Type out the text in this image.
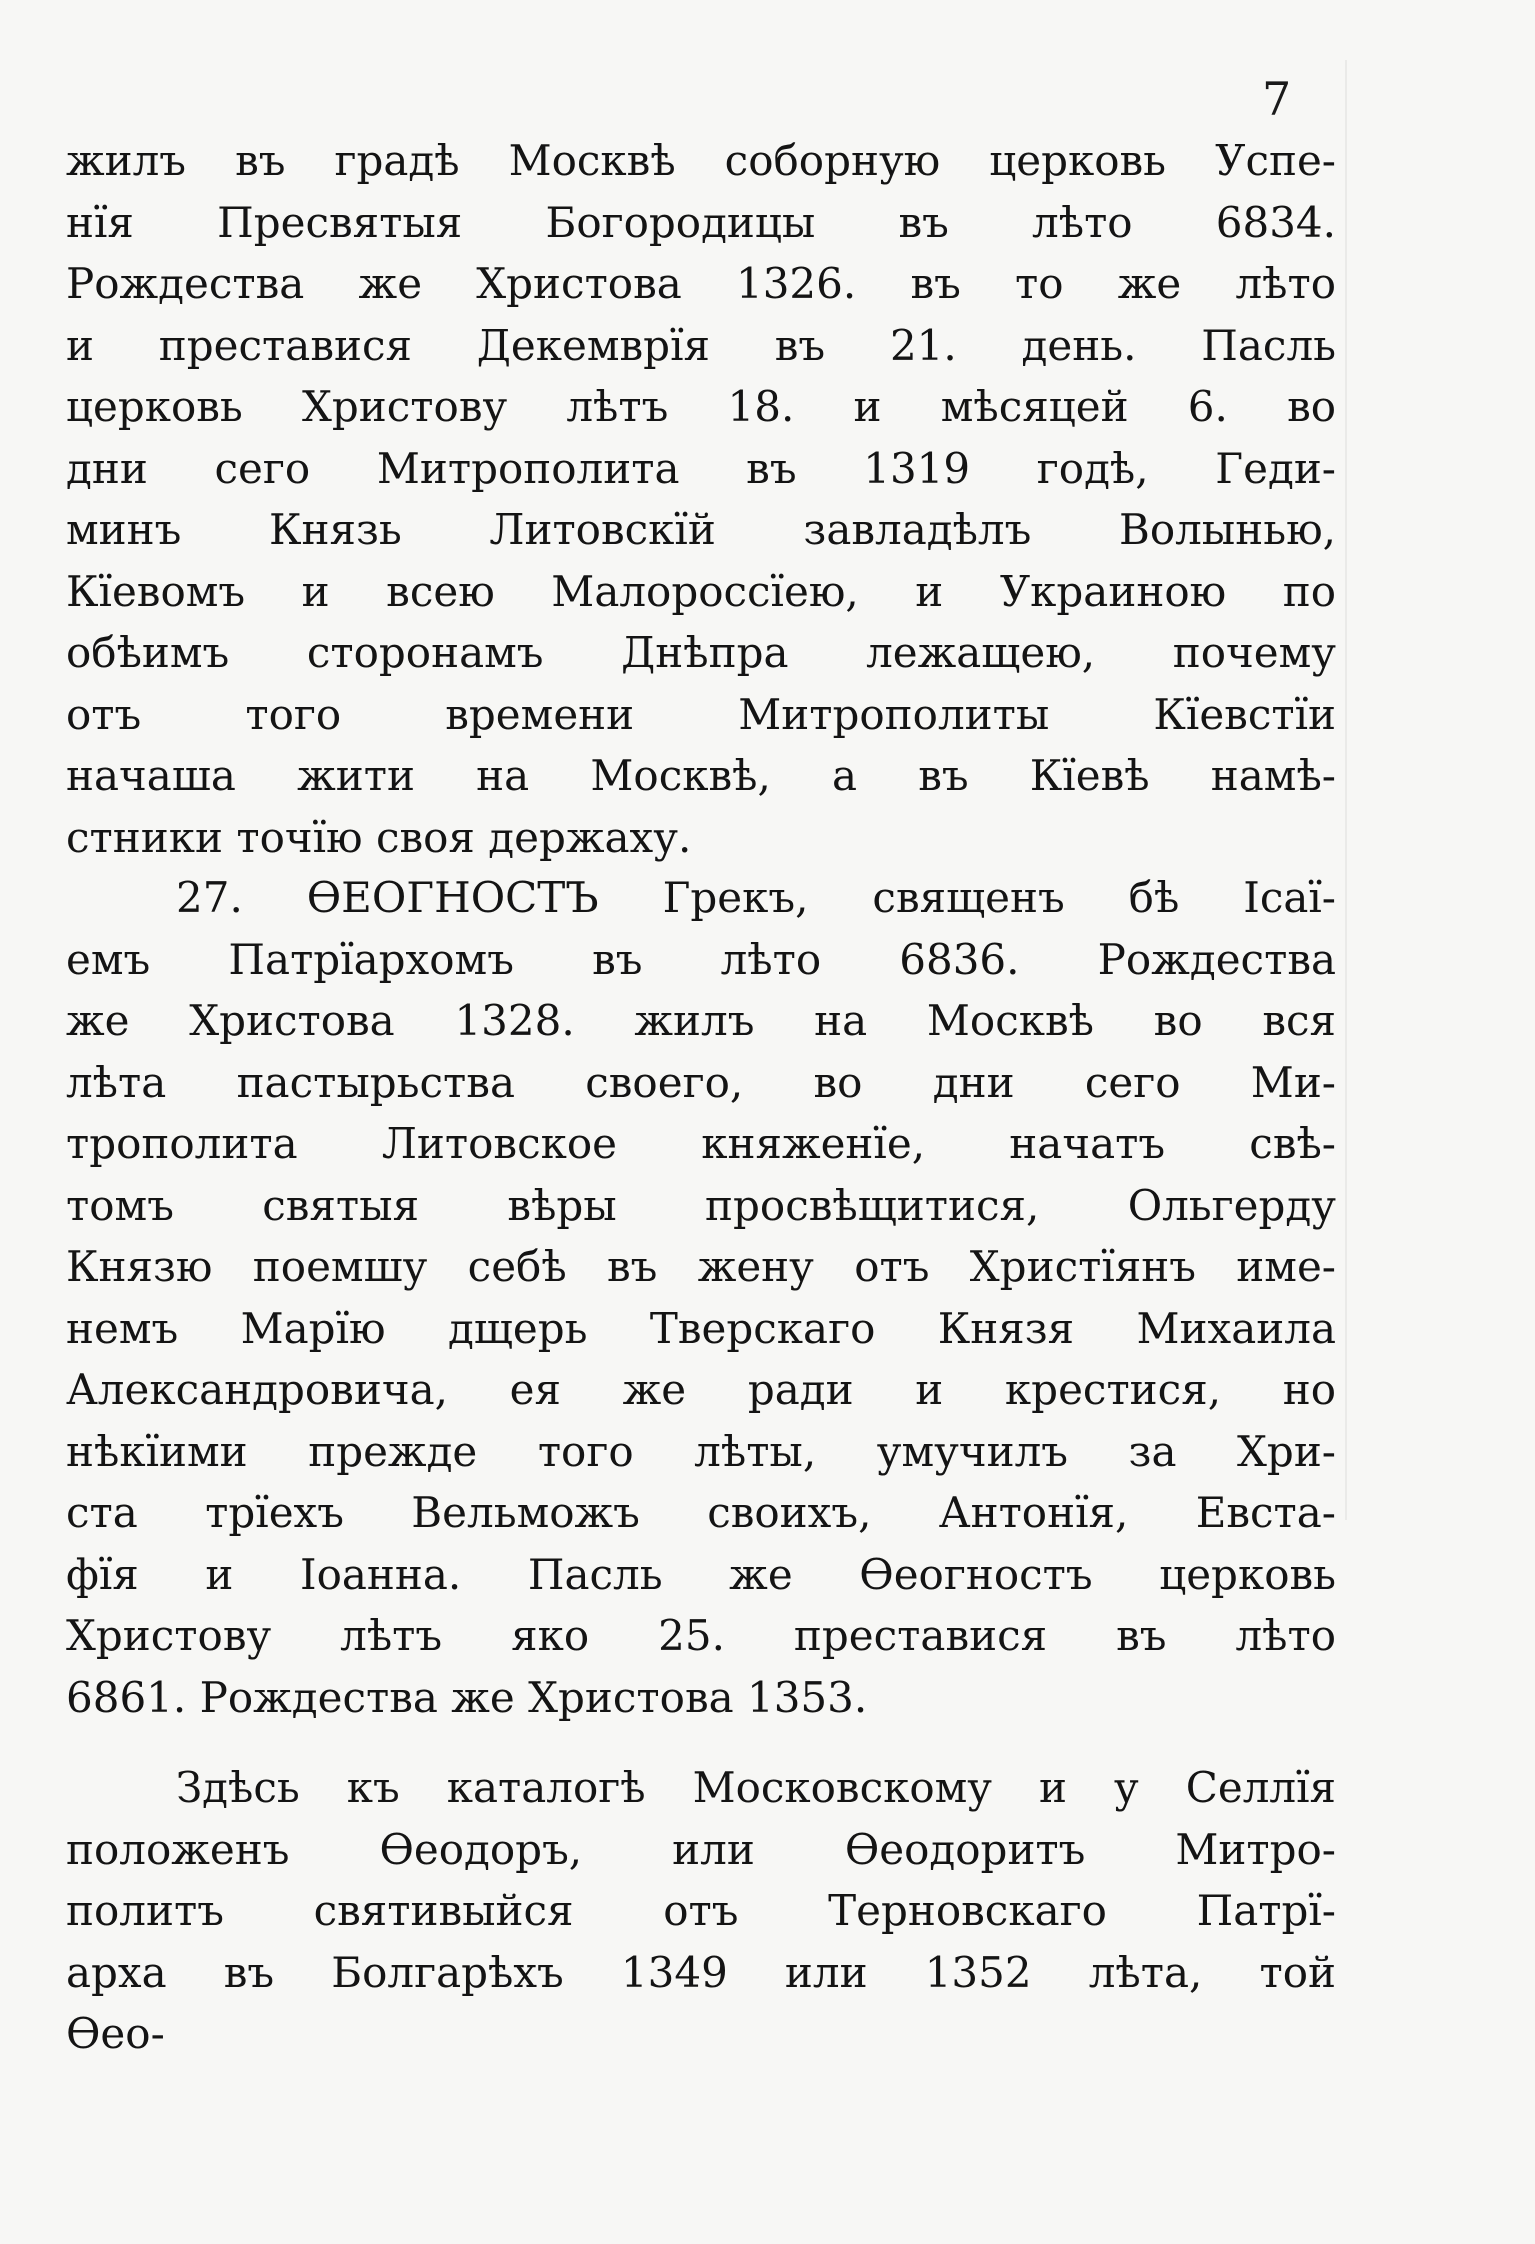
7
жилъ въ градѣ Москвѣ соборную церковь Успе-
нїя Пресвятыя Богородицы въ лѣто 6834.
Рождества же Христова 1326. въ то же лѣто
и преставися Декемврїя въ 21. день. Пасль
церковь Христову лѣтъ 18. и мѣсяцей 6. во
дни сего Митрополита въ 1319 годѣ, Геди-
минъ Князь Литовскїй завладѣлъ Волынью,
Кїевомъ и всею Малороссїею, и Украиною по
обѣимъ сторонамъ Днѣпра лежащею, почему
отъ того времени Митрополиты Кїевстїи
начаша жити на Москвѣ, а въ Кїевѣ намѣ-
стники точїю своя держаху.
27. ѲЕОГНОСТЪ Грекъ, священъ бѣ Ісаї-
емъ Патрїархомъ въ лѣто 6836. Рождества
же Христова 1328. жилъ на Москвѣ во вся
лѣта пастырьства своего, во дни сего Ми-
трополита Литовское княженїе, начатъ свѣ-
томъ святыя вѣры просвѣщитися, Ольгерду
Князю поемшу себѣ въ жену отъ Христїянъ име-
немъ Марїю дщерь Тверскаго Князя Михаила
Александровича, ея же ради и крестися, но
нѣкїими прежде того лѣты, умучилъ за Хри-
ста трїехъ Вельможъ своихъ, Антонїя, Евста-
фїя и Іоанна. Пасль же Ѳеогностъ церковь
Христову лѣтъ яко 25. преставися въ лѣто
6861. Рождества же Христова 1353.
Здѣсь къ каталогѣ Московскому и у Селлїя
положенъ Ѳеодоръ, или Ѳеодоритъ Митро-
политъ святивыйся отъ Терновскаго Патрї-
арха въ Болгарѣхъ 1349 или 1352 лѣта, той
Ѳео-
